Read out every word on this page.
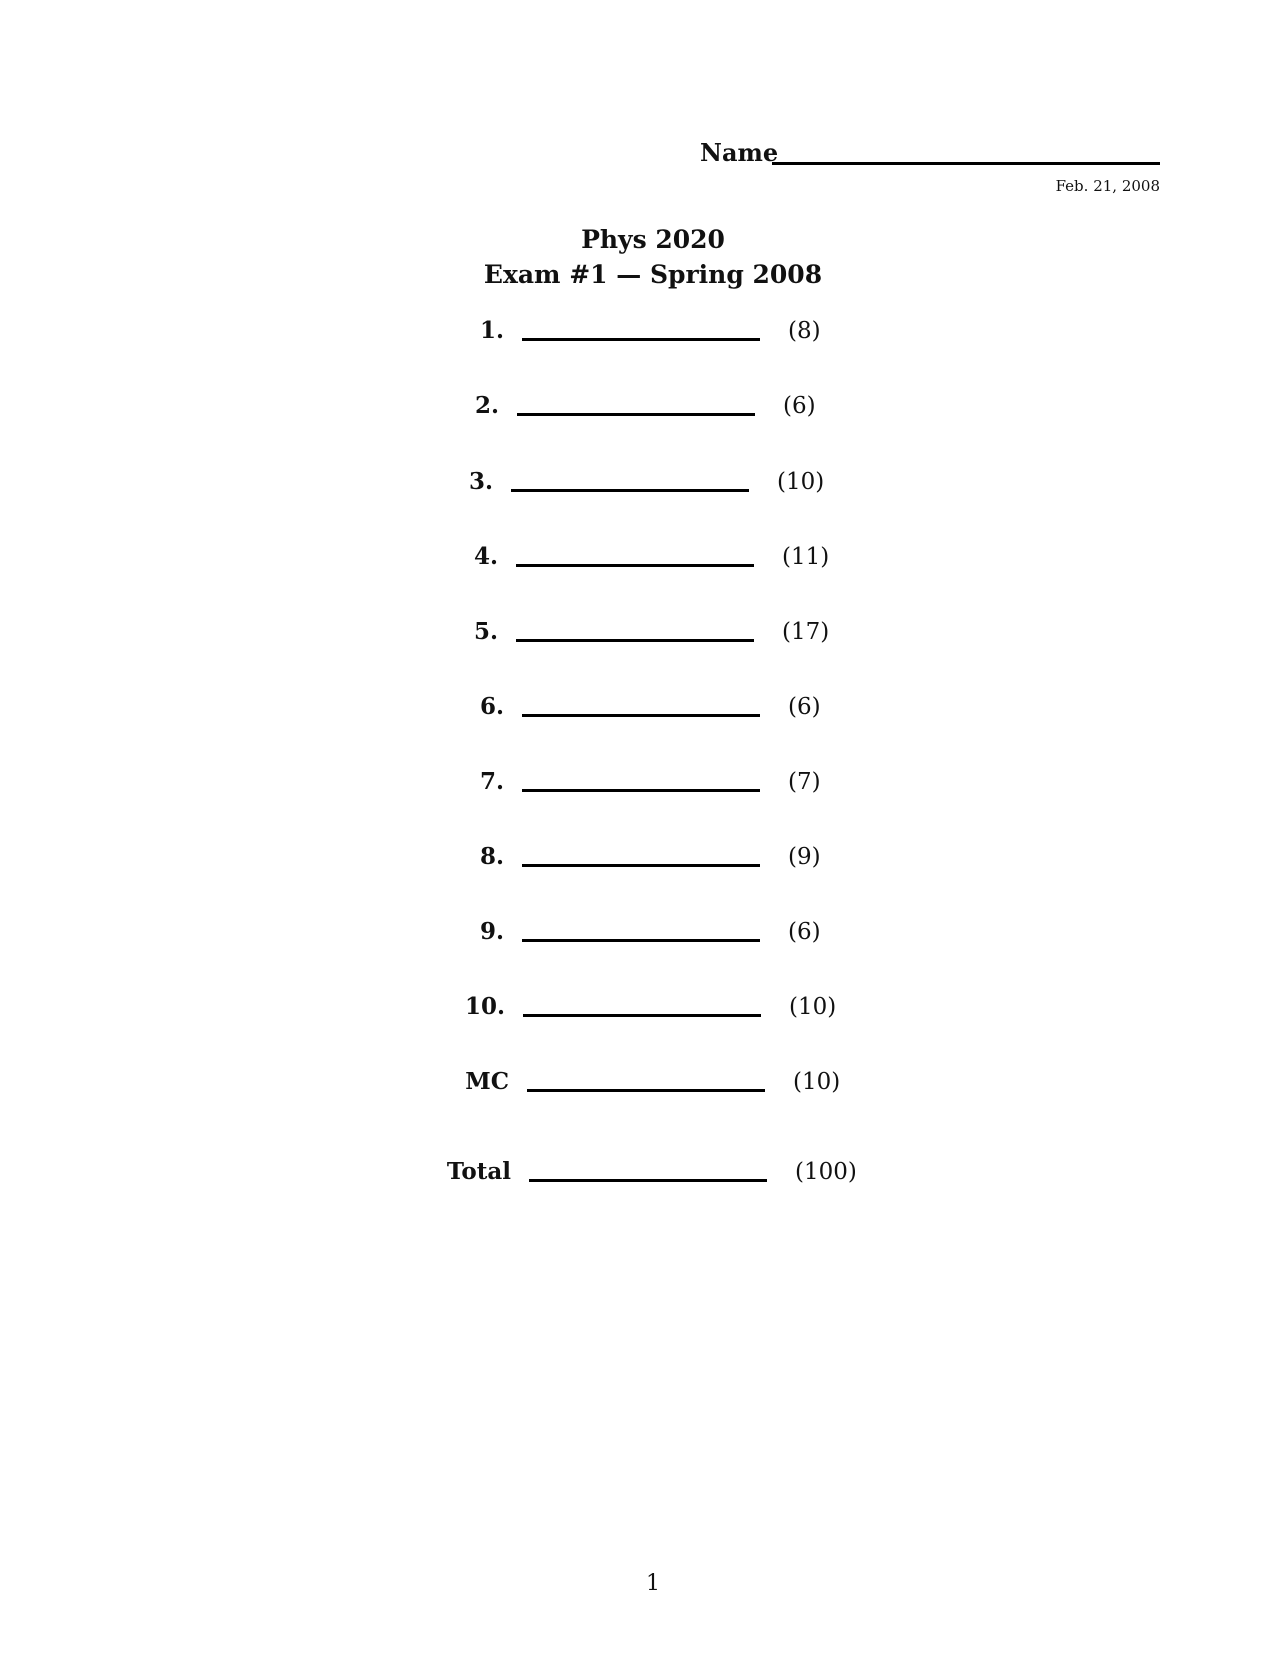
Name
Feb. 21, 2008
Phys 2020
Exam #1 — Spring 2008
1.	(8)
2.	(6)
3.	(10)
4.	(11)
5.	(17)
6.	(6)
7.	(7)
8.	(9)
9.	(6)
10.	(10)
MC	(10)
Total	(100)
1
